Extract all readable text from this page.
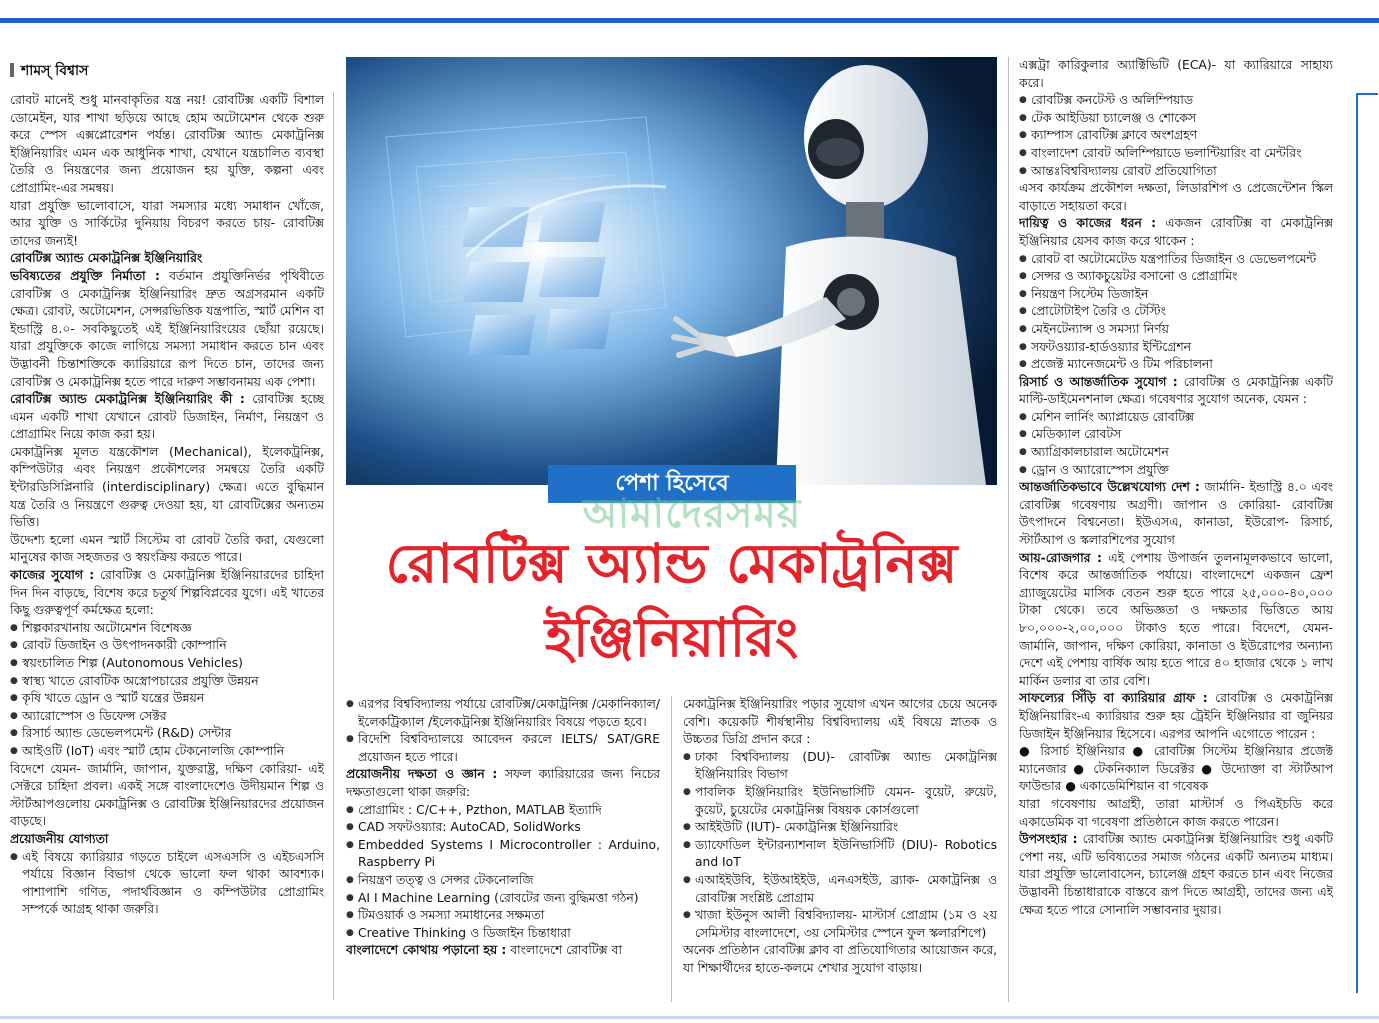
শামস্ বিশ্বাস

রোবট মানেই শুধু মানবাকৃতির যন্ত্র নয়! রোবটিক্স একটি বিশাল ডোমেইন, যার শাখা ছড়িয়ে আছে হোম অটোমেশন থেকে শুরু করে স্পেস এক্সপ্লোরেশন পর্যন্ত। রোবটিক্স অ্যান্ড মেকাট্রনিক্স ইঞ্জিনিয়ারিং এমন এক আধুনিক শাখা, যেখানে যন্ত্রচালিত ব্যবস্থা তৈরি ও নিয়ন্ত্রণের জন্য প্রয়োজন হয় যুক্তি, কল্পনা এবং প্রোগ্রামিং-এর সমন্বয়।

যারা প্রযুক্তি ভালোবাসে, যারা সমস্যার মধ্যে সমাধান খোঁজে, আর যুক্তি ও সার্কিটের দুনিয়ায় বিচরণ করতে চায়- রোবটিক্স তাদের জন্যই!

রোবটিক্স অ্যান্ড মেকাট্রনিক্স ইঞ্জিনিয়ারিং

ভবিষ্যতের প্রযুক্তি নির্মাতা : বর্তমান প্রযুক্তিনির্ভর পৃথিবীতে রোবটিক্স ও মেকাট্রনিক্স ইঞ্জিনিয়ারিং দ্রুত অগ্রসরমান একটি ক্ষেত্র। রোবট, অটোমেশন, সেন্সরভিত্তিক যন্ত্রপাতি, স্মার্ট মেশিন বা ইন্ডাস্ট্রি ৪.০- সবকিছুতেই এই ইঞ্জিনিয়ারিংয়ের ছোঁয়া রয়েছে। যারা প্রযুক্তিকে কাজে লাগিয়ে সমস্যা সমাধান করতে চান এবং উদ্ভাবনী চিন্তাশক্তিকে ক্যারিয়ারে রূপ দিতে চান, তাদের জন্য রোবটিক্স ও মেকাট্রনিক্স হতে পারে দারুণ সম্ভাবনাময় এক পেশা।

রোবটিক্স অ্যান্ড মেকাট্রনিক্স ইঞ্জিনিয়ারিং কী : রোবটিক্স হচ্ছে এমন একটি শাখা যেখানে রোবট ডিজাইন, নির্মাণ, নিয়ন্ত্রণ ও প্রোগ্রামিং নিয়ে কাজ করা হয়।

মেকাট্রনিক্স মূলত যন্ত্রকৌশল (Mechanical), ইলেকট্রনিক্স, কম্পিউটার এবং নিয়ন্ত্রণ প্রকৌশলের সমন্বয়ে তৈরি একটি ইন্টারডিসিপ্লিনারি (interdisciplinary) ক্ষেত্র। এতে বুদ্ধিমান যন্ত্র তৈরি ও নিয়ন্ত্রণে গুরুত্ব দেওয়া হয়, যা রোবটিক্সের অন্যতম ভিত্তি।

উদ্দেশ্য হলো এমন স্মার্ট সিস্টেম বা রোবট তৈরি করা, যেগুলো মানুষের কাজ সহজতর ও স্বয়ংক্রিয় করতে পারে।

কাজের সুযোগ : রোবটিক্স ও মেকাট্রনিক্স ইঞ্জিনিয়ারদের চাহিদা দিন দিন বাড়ছে, বিশেষ করে চতুর্থ শিল্পবিপ্লবের যুগে। এই খাতের কিছু গুরুত্বপূর্ণ কর্মক্ষেত্র হলো:

● শিল্পকারখানায় অটোমেশন বিশেষজ্ঞ
● রোবট ডিজাইন ও উৎপাদনকারী কোম্পানি
● স্বয়ংচালিত শিল্প (Autonomous Vehicles)
● স্বাস্থ্য খাতে রোবটিক অস্ত্রোপচারের প্রযুক্তি উন্নয়ন
● কৃষি খাতে ড্রোন ও স্মার্ট যন্ত্রের উন্নয়ন
● অ্যারোস্পেস ও ডিফেন্স সেক্টর
● রিসার্চ অ্যান্ড ডেভেলপমেন্ট (R&D) সেন্টার
● আইওটি (IoT) এবং স্মার্ট হোম টেকনোলজি কোম্পানি

বিদেশে যেমন- জার্মানি, জাপান, যুক্তরাষ্ট্র, দক্ষিণ কোরিয়া- এই সেক্টরে চাহিদা প্রবল। একই সঙ্গে বাংলাদেশেও উদীয়মান শিল্প ও স্টার্টআপগুলোয় মেকাট্রনিক্স ও রোবটিক্স ইঞ্জিনিয়ারদের প্রয়োজন বাড়ছে।

প্রয়োজনীয় যোগ্যতা

● এই বিষয়ে ক্যারিয়ার গড়তে চাইলে এসএসসি ও এইচএসসি পর্যায়ে বিজ্ঞান বিভাগ থেকে ভালো ফল থাকা আবশ্যক। পাশাপাশি গণিত, পদার্থবিজ্ঞান ও কম্পিউটার প্রোগ্রামিং সম্পর্কে আগ্রহ থাকা জরুরি।
পেশা হিসেবে
আমাদেরসময়
রোবটিক্স অ্যান্ড মেকাট্রনিক্স
ইঞ্জিনিয়ারিং
● এরপর বিশ্ববিদ্যালয় পর্যায়ে রোবটিক্স/মেকাট্রনিক্স /মেকানিক্যাল/ ইলেকট্রিক্যাল /ইলেকট্রনিক্স ইঞ্জিনিয়ারিং বিষয়ে পড়তে হবে।
● বিদেশি বিশ্ববিদ্যালয়ে আবেদন করলে IELTS/ SAT/GRE প্রয়োজন হতে পারে।

প্রয়োজনীয় দক্ষতা ও জ্ঞান : সফল ক্যারিয়ারের জন্য নিচের দক্ষতাগুলো থাকা জরুরি:

● প্রোগ্রামিং : C/C++, Pzthon, MATLAB ইত্যাদি
● CAD সফটওয়্যার: AutoCAD, SolidWorks
● Embedded Systems I Microcontroller : Arduino, Raspberry Pi
● নিয়ন্ত্রণ তত্ত্ব ও সেন্সর টেকনোলজি
● AI I Machine Learning (রোবটের জন্য বুদ্ধিমত্তা গঠন)
● টিমওয়ার্ক ও সমস্যা সমাধানের সক্ষমতা
● Creative Thinking ও ডিজাইন চিন্তাধারা

বাংলাদেশে কোথায় পড়ানো হয় : বাংলাদেশে রোবটিক্স বা

মেকাট্রনিক্স ইঞ্জিনিয়ারিং পড়ার সুযোগ এখন আগের চেয়ে অনেক বেশি। কয়েকটি শীর্ষস্থানীয় বিশ্ববিদ্যালয় এই বিষয়ে স্নাতক ও উচ্চতর ডিগ্রি প্রদান করে :

● ঢাকা বিশ্ববিদ্যালয় (DU)- রোবটিক্স অ্যান্ড মেকাট্রনিক্স ইঞ্জিনিয়ারিং বিভাগ
● পাবলিক ইঞ্জিনিয়ারিং ইউনিভার্সিটি যেমন- বুয়েট, রুয়েট, কুয়েট, চুয়েটের মেকাট্রনিক্স বিষয়ক কোর্সগুলো
● আইইউটি (IUT)- মেকাট্রনিক্স ইঞ্জিনিয়ারিং
● ড্যাফোডিল ইন্টারন্যাশনাল ইউনিভার্সিটি (DIU)- Robotics and IoT
● এআইইউবি, ইউআইইউ, এনএসইউ, ব্র্যাক- মেকাট্রনিক্স ও রোবটিক্স সংশ্লিষ্ট প্রোগ্রাম
● খাজা ইউনুস আলী বিশ্ববিদ্যালয়- মাস্টার্স প্রোগ্রাম (১ম ও ২য় সেমিস্টার বাংলাদেশে, ৩য় সেমিস্টার স্পেনে ফুল স্কলারশিপে)

অনেক প্রতিষ্ঠান রোবটিক্স ক্লাব বা প্রতিযোগিতার আয়োজন করে, যা শিক্ষার্থীদের হাতে-কলমে শেখার সুযোগ বাড়ায়।

এক্সট্রা কারিকুলার অ্যাক্টিভিটি (ECA)- যা ক্যারিয়ারে সাহায্য করে।

● রোবটিক্স কনটেস্ট ও অলিম্পিয়াড
● টেক আইডিয়া চ্যালেঞ্জ ও শোকেস
● ক্যাম্পাস রোবটিক্স ক্লাবে অংশগ্রহণ
● বাংলাদেশ রোবট অলিম্পিয়াডে ভলান্টিয়ারিং বা মেন্টরিং
● আন্তঃবিশ্ববিদ্যালয় রোবট প্রতিযোগিতা

এসব কার্যক্রম প্রকৌশল দক্ষতা, লিডারশিপ ও প্রেজেন্টেশন স্কিল বাড়াতে সহায়তা করে।

দায়িত্ব ও কাজের ধরন : একজন রোবটিক্স বা মেকাট্রনিক্স ইঞ্জিনিয়ার যেসব কাজ করে থাকেন :

● রোবট বা অটোমেটেড যন্ত্রপাতির ডিজাইন ও ডেভেলপমেন্ট
● সেন্সর ও অ্যাকচুয়েটর বসানো ও প্রোগ্রামিং
● নিয়ন্ত্রণ সিস্টেম ডিজাইন
● প্রোটোটাইপ তৈরি ও টেস্টিং
● মেইনটেন্যান্স ও সমস্যা নির্ণয়
● সফটওয়্যার-হার্ডওয়্যার ইন্টিগ্রেশন
● প্রজেক্ট ম্যানেজমেন্ট ও টিম পরিচালনা

রিসার্চ ও আন্তর্জাতিক সুযোগ : রোবটিক্স ও মেকাট্রনিক্স একটি মাল্টি-ডাইমেনশনাল ক্ষেত্র। গবেষণার সুযোগ অনেক, যেমন :

● মেশিন লার্নিং অ্যাপ্লায়েড রোবটিক্স
● মেডিক্যাল রোবটস
● অ্যাগ্রিকালচারাল অটোমেশন
● ড্রোন ও অ্যারোস্পেস প্রযুক্তি

আন্তর্জাতিকভাবে উল্লেখযোগ্য দেশ : জার্মানি- ইন্ডাস্ট্রি ৪.০ এবং রোবটিক্স গবেষণায় অগ্রণী। জাপান ও কোরিয়া- রোবটিক্স উৎপাদনে বিশ্বনেতা। ইউএসএ, কানাডা, ইউরোপ- রিসার্চ, স্টার্টআপ ও স্কলারশিপের সুযোগ

আয়-রোজগার : এই পেশায় উপার্জন তুলনামূলকভাবে ভালো, বিশেষ করে আন্তর্জাতিক পর্যায়ে। বাংলাদেশে একজন ফ্রেশ গ্র্যাজুয়েটের মাসিক বেতন শুরু হতে পারে ২৫,০০০-৪০,০০০ টাকা থেকে। তবে অভিজ্ঞতা ও দক্ষতার ভিত্তিতে আয় ৮০,০০০-২,০০,০০০ টাকাও হতে পারে। বিদেশে, যেমন- জার্মানি, জাপান, দক্ষিণ কোরিয়া, কানাডা ও ইউরোপের অন্যান্য দেশে এই পেশায় বার্ষিক আয় হতে পারে ৪০ হাজার থেকে ১ লাখ মার্কিন ডলার বা তার বেশি।

সাফল্যের সিঁড়ি বা ক্যারিয়ার গ্রাফ : রোবটিক্স ও মেকাট্রনিক্স ইঞ্জিনিয়ারিং-এ ক্যারিয়ার শুরু হয় ট্রেইনি ইঞ্জিনিয়ার বা জুনিয়র ডিজাইন ইঞ্জিনিয়ার হিসেবে। এরপর আপনি এগোতে পারেন :

● রিসার্চ ইঞ্জিনিয়ার ● রোবটিক্স সিস্টেম ইঞ্জিনিয়ার প্রজেক্ট ম্যানেজার ● টেকনিক্যাল ডিরেক্টর ● উদ্যোক্তা বা স্টার্টআপ ফাউন্ডার ● একাডেমিশিয়ান বা গবেষক

যারা গবেষণায় আগ্রহী, তারা মাস্টার্স ও পিএইচডি করে একাডেমিক বা গবেষণা প্রতিষ্ঠানে কাজ করতে পারেন।

উপসংহার : রোবটিক্স অ্যান্ড মেকাট্রনিক্স ইঞ্জিনিয়ারিং শুধু একটি পেশা নয়, এটি ভবিষ্যতের সমাজ গঠনের একটি অন্যতম মাধ্যম। যারা প্রযুক্তি ভালোবাসেন, চ্যালেঞ্জ গ্রহণ করতে চান এবং নিজের উদ্ভাবনী চিন্তাধারাকে বাস্তবে রূপ দিতে আগ্রহী, তাদের জন্য এই ক্ষেত্র হতে পারে সোনালি সম্ভাবনার দুয়ার।
